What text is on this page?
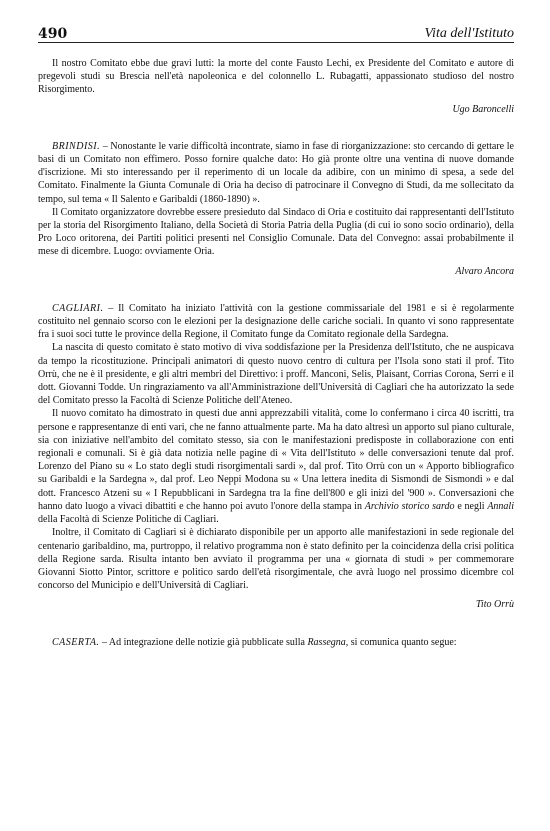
490	Vita dell'Istituto

Il nostro Comitato ebbe due gravi lutti: la morte del conte Fausto Lechi, ex Presidente del Comitato e autore di pregevoli studi su Brescia nell'età napoleonica e del colonnello L. Rubagatti, appassionato studioso del nostro Risorgimento.

Ugo Baroncelli

BRINDISI. – Nonostante le varie difficoltà incontrate, siamo in fase di riorganizzazione: sto cercando di gettare le basi di un Comitato non effimero. Posso fornire qualche dato: Ho già pronte oltre una ventina di nuove domande d'iscrizione. Mi sto interessando per il reperimento di un locale da adibire, con un minimo di spesa, a sede del Comitato. Finalmente la Giunta Comunale di Oria ha deciso di patrocinare il Convegno di Studi, da me sollecitato da tempo, sul tema « Il Salento e Garibaldi (1860-1890) ».

Il Comitato organizzatore dovrebbe essere presieduto dal Sindaco di Oria e costituito dai rappresentanti dell'Istituto per la storia del Risorgimento Italiano, della Società di Storia Patria della Puglia (di cui io sono socio ordinario), della Pro Loco oritorena, dei Partiti politici presenti nel Consiglio Comunale. Data del Convegno: assai probabilmente il mese di dicembre. Luogo: ovviamente Oria.

Alvaro Ancora

CAGLIARI. – Il Comitato ha iniziato l'attività con la gestione commissariale del 1981 e si è regolarmente costituito nel gennaio scorso con le elezioni per la designazione delle cariche sociali. In quanto vi sono rappresentate fra i suoi soci tutte le province della Regione, il Comitato funge da Comitato regionale della Sardegna.

La nascita di questo comitato è stato motivo di viva soddisfazione per la Presidenza dell'Istituto, che ne auspicava da tempo la ricostituzione. Principali animatori di questo nuovo centro di cultura per l'Isola sono stati il prof. Tito Orrù, che ne è il presidente, e gli altri membri del Direttivo: i proff. Manconi, Selis, Plaisant, Corrias Corona, Serri e il dott. Giovanni Todde. Un ringraziamento va all'Amministrazione dell'Università di Cagliari che ha autorizzato la sede del Comitato presso la Facoltà di Scienze Politiche dell'Ateneo.

Il nuovo comitato ha dimostrato in questi due anni apprezzabili vitalità, come lo confermano i circa 40 iscritti, tra persone e rappresentanze di enti vari, che ne fanno attualmente parte. Ma ha dato altresì un apporto sul piano culturale, sia con iniziative nell'ambito del comitato stesso, sia con le manifestazioni predisposte in collaborazione con enti regionali e comunali. Si è già data notizia nelle pagine di « Vita dell'Istituto » delle conversazioni tenute dal prof. Lorenzo del Piano su « Lo stato degli studi risorgimentali sardi », dal prof. Tito Orrù con un « Apporto bibliografico su Garibaldi e la Sardegna », dal prof. Leo Neppi Modona su « Una lettera inedita di Sismondi de Sismondi » e dal dott. Francesco Atzeni su « I Repubblicani in Sardegna tra la fine dell'800 e gli inizi del '900 ». Conversazioni che hanno dato luogo a vivaci dibattiti e che hanno poi avuto l'onore della stampa in Archivio storico sardo e negli Annali della Facoltà di Scienze Politiche di Cagliari.

Inoltre, il Comitato di Cagliari si è dichiarato disponibile per un apporto alle manifestazioni in sede regionale del centenario garibaldino, ma, purtroppo, il relativo programma non è stato definito per la coincidenza della crisi politica della Regione sarda. Risulta intanto ben avviato il programma per una « giornata di studi » per commemorare Giovanni Siotto Pintor, scrittore e politico sardo dell'età risorgimentale, che avrà luogo nel prossimo dicembre col concorso del Municipio e dell'Università di Cagliari.

Tito Orrù

CASERTA. – Ad integrazione delle notizie già pubblicate sulla Rassegna, si comunica quanto segue:
